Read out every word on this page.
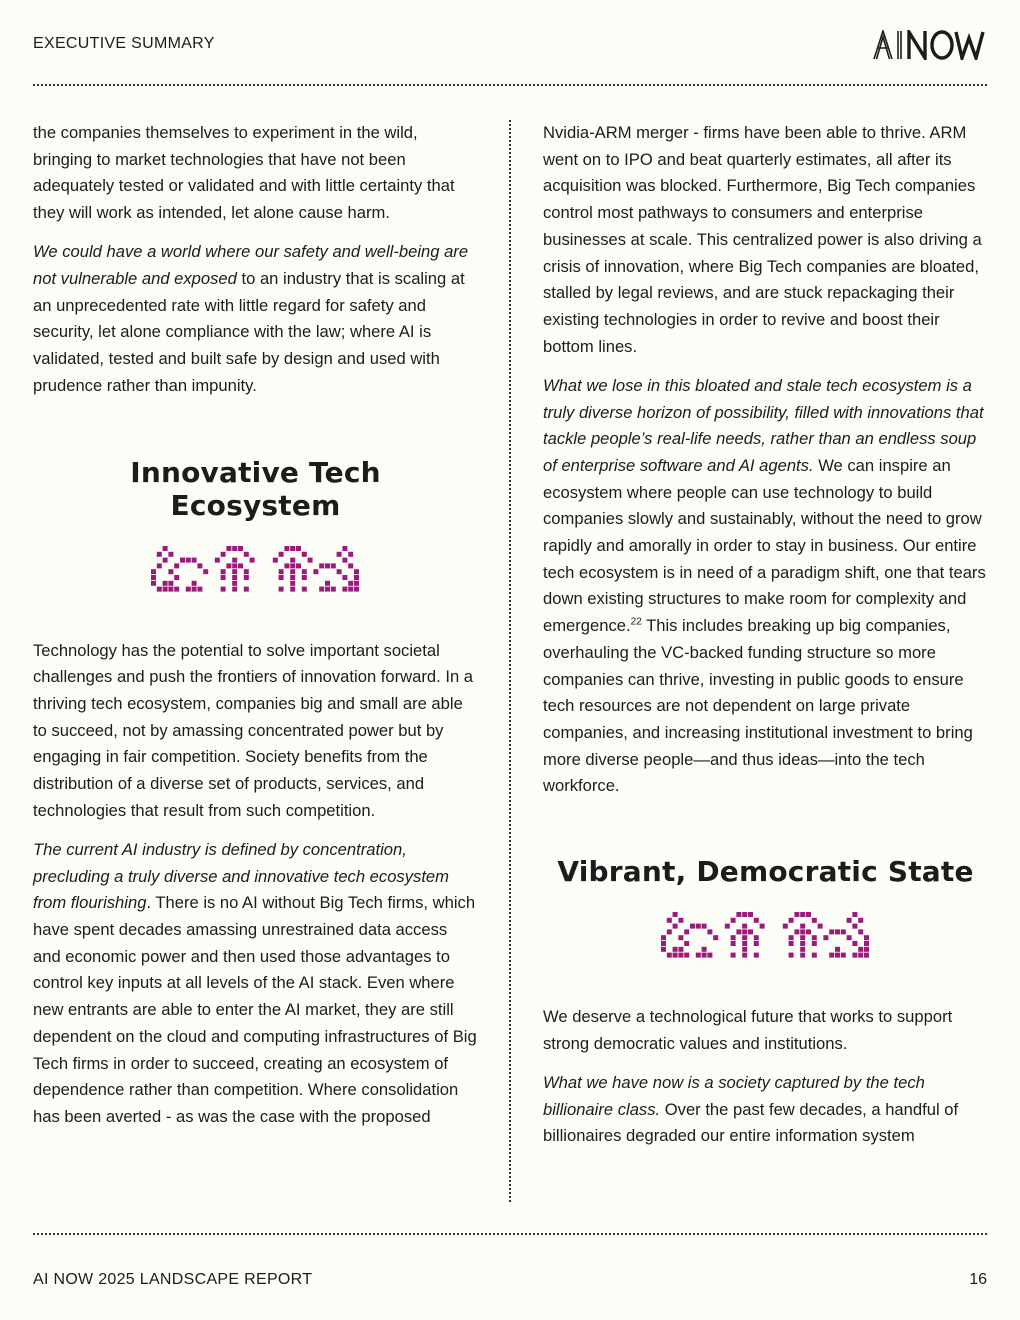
EXECUTIVE SUMMARY

the companies themselves to experiment in the wild, bringing to market technologies that have not been adequately tested or validated and with little certainty that they will work as intended, let alone cause harm.

We could have a world where our safety and well-being are not vulnerable and exposed to an industry that is scaling at an unprecedented rate with little regard for safety and security, let alone compliance with the law; where AI is validated, tested and built safe by design and used with prudence rather than impunity.

Innovative Tech
Ecosystem

Technology has the potential to solve important societal challenges and push the frontiers of innovation forward. In a thriving tech ecosystem, companies big and small are able to succeed, not by amassing concentrated power but by engaging in fair competition. Society benefits from the distribution of a diverse set of products, services, and technologies that result from such competition.

The current AI industry is defined by concentration, precluding a truly diverse and innovative tech ecosystem from flourishing. There is no AI without Big Tech firms, which have spent decades amassing unrestrained data access and economic power and then used those advantages to control key inputs at all levels of the AI stack. Even where new entrants are able to enter the AI market, they are still dependent on the cloud and computing infrastructures of Big Tech firms in order to succeed, creating an ecosystem of dependence rather than competition. Where consolidation has been averted - as was the case with the proposed

Nvidia-ARM merger - firms have been able to thrive. ARM went on to IPO and beat quarterly estimates, all after its acquisition was blocked. Furthermore, Big Tech companies control most pathways to consumers and enterprise businesses at scale. This centralized power is also driving a crisis of innovation, where Big Tech companies are bloated, stalled by legal reviews, and are stuck repackaging their existing technologies in order to revive and boost their bottom lines.

What we lose in this bloated and stale tech ecosystem is a truly diverse horizon of possibility, filled with innovations that tackle people’s real-life needs, rather than an endless soup of enterprise software and AI agents. We can inspire an ecosystem where people can use technology to build companies slowly and sustainably, without the need to grow rapidly and amorally in order to stay in business. Our entire tech ecosystem is in need of a paradigm shift, one that tears down existing structures to make room for complexity and emergence.$^{22}$ This includes breaking up big companies, overhauling the VC-backed funding structure so more companies can thrive, investing in public goods to ensure tech resources are not dependent on large private companies, and increasing institutional investment to bring more diverse people—and thus ideas—into the tech workforce.

Vibrant, Democratic State

We deserve a technological future that works to support strong democratic values and institutions.

What we have now is a society captured by the tech billionaire class. Over the past few decades, a handful of billionaires degraded our entire information system

AI NOW 2025 LANDSCAPE REPORT	16
